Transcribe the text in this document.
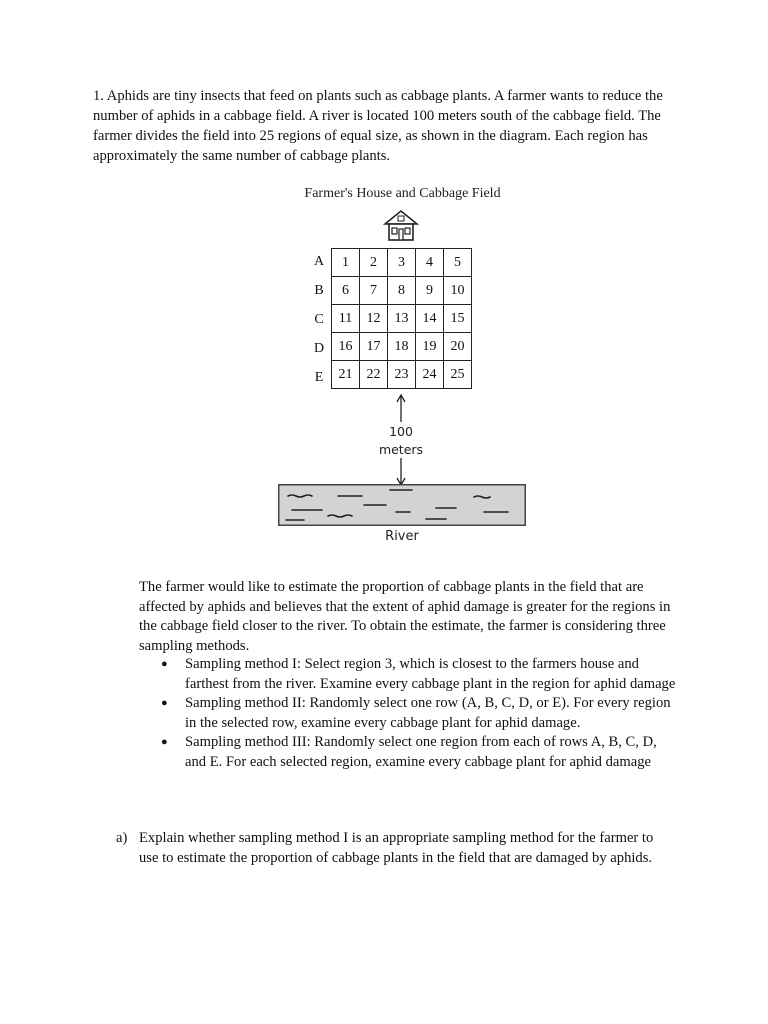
1. Aphids are tiny insects that feed on plants such as cabbage plants. A farmer wants to reduce the number of aphids in a cabbage field. A river is located 100 meters south of the cabbage field. The farmer divides the field into 25 regions of equal size, as shown in the diagram. Each region has approximately the same number of cabbage plants.
Farmer's House and Cabbage Field
A
B
C
D
E
1	2	3	4	5
6	7	8	9	10
11	12	13	14	15
16	17	18	19	20
21	22	23	24	25
100
meters
River
The farmer would like to estimate the proportion of cabbage plants in the field that are affected by aphids and believes that the extent of aphid damage is greater for the regions in the cabbage field closer to the river. To obtain the estimate, the farmer is considering three sampling methods.
● Sampling method I: Select region 3, which is closest to the farmers house and farthest from the river. Examine every cabbage plant in the region for aphid damage
● Sampling method II: Randomly select one row (A, B, C, D, or E). For every region in the selected row, examine every cabbage plant for aphid damage.
● Sampling method III: Randomly select one region from each of rows A, B, C, D, and E. For each selected region, examine every cabbage plant for aphid damage
a) Explain whether sampling method I is an appropriate sampling method for the farmer to use to estimate the proportion of cabbage plants in the field that are damaged by aphids.
